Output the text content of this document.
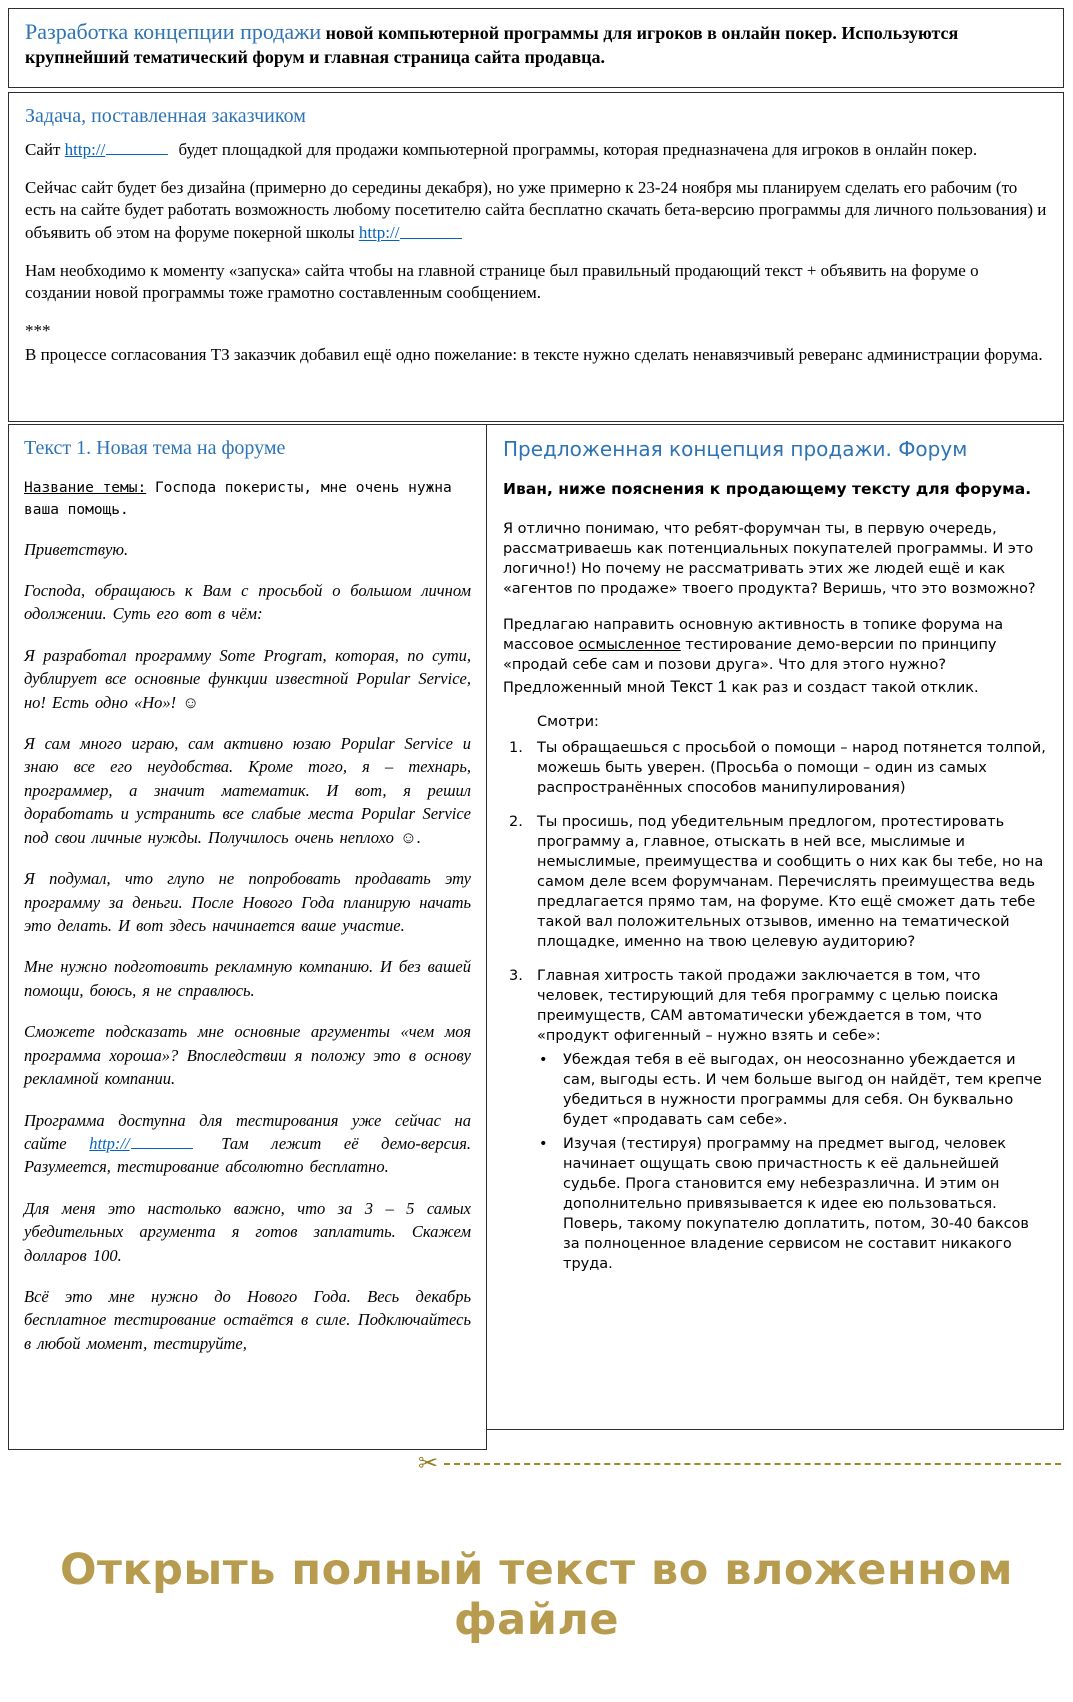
Разработка концепции продажи новой компьютерной программы для игроков в онлайн покер. Используются крупнейший тематический форум и главная страница сайта продавца.
Задача, поставленная заказчиком

Сайт http://	будет площадкой для продажи компьютерной программы, которая предназначена для игроков в онлайн покер.

Сейчас сайт будет без дизайна (примерно до середины декабря), но уже примерно к 23-24 ноября мы планируем сделать его рабочим (то есть на сайте будет работать возможность любому посетителю сайта бесплатно скачать бета-версию программы для личного пользования) и объявить об этом на форуме покерной школы http://

Нам необходимо к моменту «запуска» сайта чтобы на главной странице был правильный продающий текст + объявить на форуме о создании новой программы тоже грамотно составленным сообщением.

***

В процессе согласования ТЗ заказчик добавил ещё одно пожелание: в тексте нужно сделать ненавязчивый реверанс администрации форума.

Текст 1. Новая тема на форуме

Название темы: Господа покеристы, мне очень нужна ваша помощь.

Приветствую.

Господа, обращаюсь к Вам с просьбой о большом личном одолжении. Суть его вот в чём:

Я разработал программу Some Program, которая, по сути, дублирует все основные функции известной Popular Service, но! Есть одно «Но»! ☺

Я сам много играю, сам активно юзаю Popular Service и знаю все его неудобства. Кроме того, я – технарь, программер, а значит математик. И вот, я решил доработать и устранить все слабые места Popular Service под свои личные нужды. Получилось очень неплохо ☺.

Я подумал, что глупо не попробовать продавать эту программу за деньги. После Нового Года планирую начать это делать. И вот здесь начинается ваше участие.

Мне нужно подготовить рекламную компанию. И без вашей помощи, боюсь, я не справлюсь.

Сможете подсказать мне основные аргументы «чем моя программа хороша»? Впоследствии я положу это в основу рекламной компании.

Программа доступна для тестирования уже сейчас на сайте http://	Там лежит её демо-версия. Разумеется, тестирование абсолютно бесплатно.

Для меня это настолько важно, что за 3 – 5 самых убедительных аргумента я готов заплатить. Скажем долларов 100.

Всё это мне нужно до Нового Года. Весь декабрь бесплатное тестирование остаётся в силе. Подключайтесь в любой момент, тестируйте,

Предложенная концепция продажи. Форум

Иван, ниже пояснения к продающему тексту для форума.

Я отлично понимаю, что ребят-форумчан ты, в первую очередь, рассматриваешь как потенциальных покупателей программы. И это логично!) Но почему не рассматривать этих же людей ещё и как «агентов по продаже» твоего продукта? Веришь, что это возможно?

Предлагаю направить основную активность в топике форума на массовое осмысленное тестирование демо-версии по принципу «продай себе сам и позови друга». Что для этого нужно? Предложенный мной Текст 1 как раз и создаст такой отклик.

Смотри:

1. Ты обращаешься с просьбой о помощи – народ потянется толпой, можешь быть уверен. (Просьба о помощи – один из самых распространённых способов манипулирования)
2. Ты просишь, под убедительным предлогом, протестировать программу а, главное, отыскать в ней все, мыслимые и немыслимые, преимущества и сообщить о них как бы тебе, но на самом деле всем форумчанам. Перечислять преимущества ведь предлагается прямо там, на форуме. Кто ещё сможет дать тебе такой вал положительных отзывов, именно на тематической площадке, именно на твою целевую аудиторию?
3. Главная хитрость такой продажи заключается в том, что человек, тестирующий для тебя программу с целью поиска преимуществ, САМ автоматически убеждается в том, что «продукт офигенный – нужно взять и себе»:
•	Убеждая тебя в её выгодах, он неосознанно убеждается и сам, выгоды есть. И чем больше выгод он найдёт, тем крепче убедиться в нужности программы для себя. Он буквально будет «продавать сам себе».
•	Изучая (тестируя) программу на предмет выгод, человек начинает ощущать свою причастность к её дальнейшей судьбе. Прога становится ему небезразлична. И этим он дополнительно привязывается к идее ею пользоваться. Поверь, такому покупателю доплатить, потом, 30-40 баксов за полноценное владение сервисом не составит никакого труда.
✂
Открыть полный текст во вложенном файле
